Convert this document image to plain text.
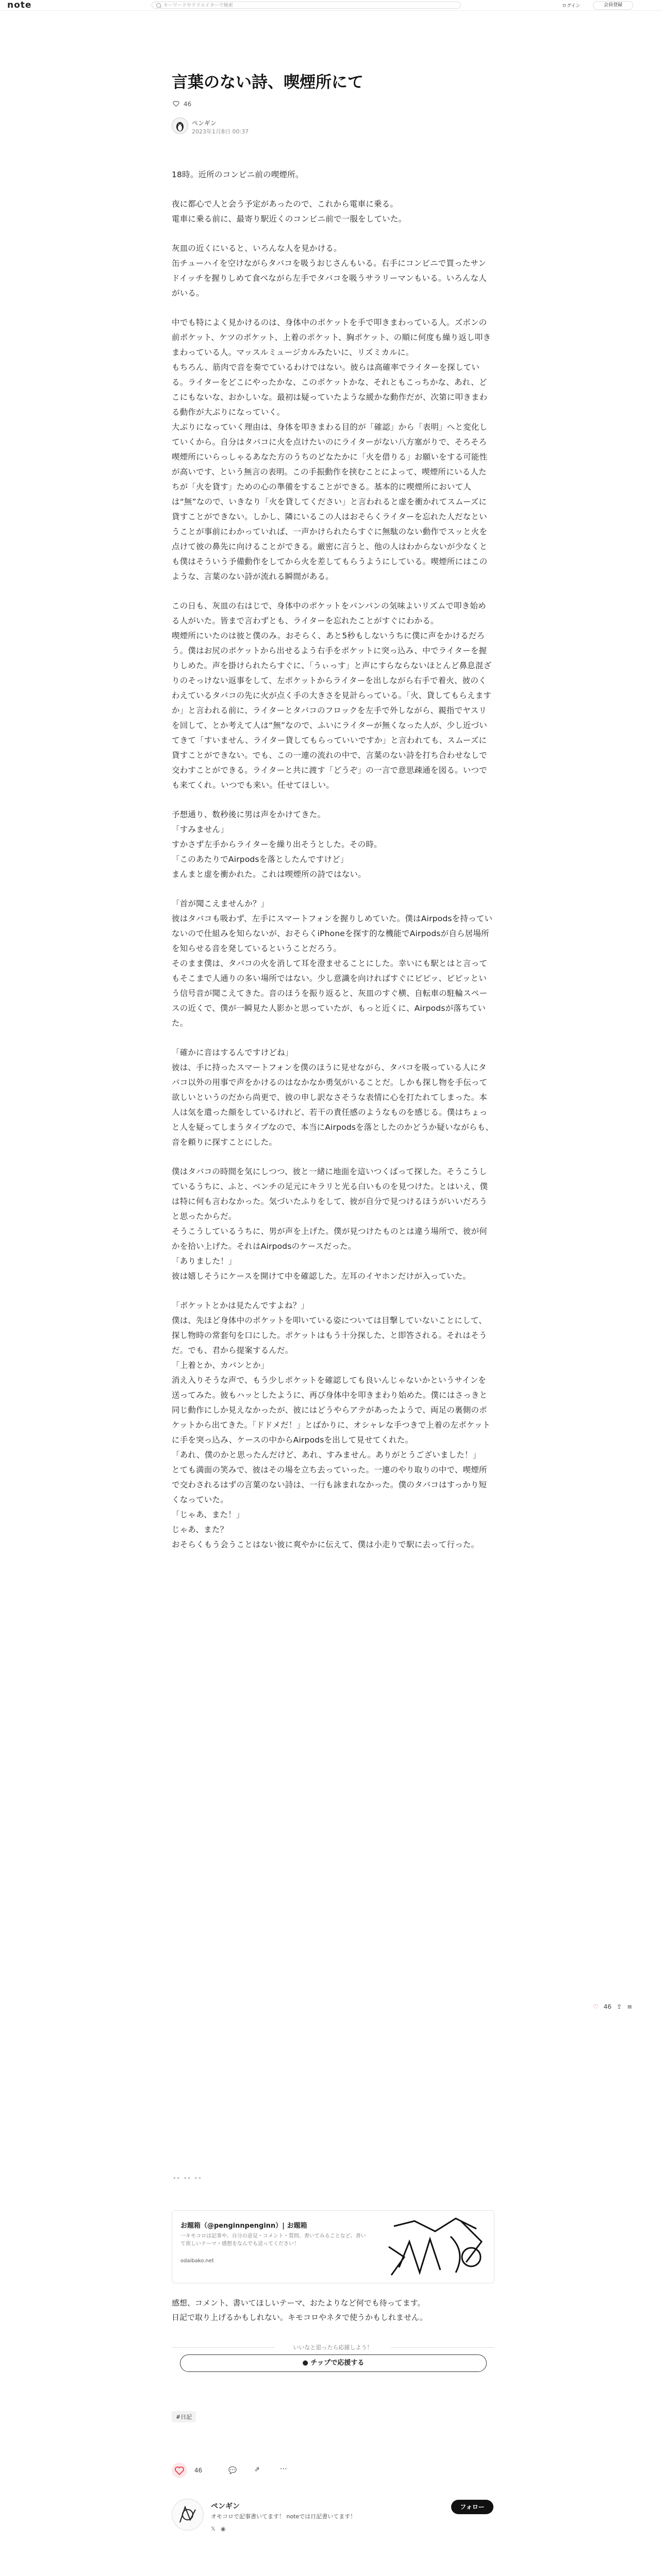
note	キーワードやクリエイターで検索	ログイン	会員登録
言葉のない詩、喫煙所にて
46
ペンギン
2023年1月8日 00:37

18時。近所のコンビニ前の喫煙所。

夜に都心で人と会う予定があったので、これから電車に乗る。
電車に乗る前に、最寄り駅近くのコンビニ前で一服をしていた。

灰皿の近くにいると、いろんな人を見かける。
缶チューハイを空けながらタバコを吸うおじさんもいる。右手にコンビニで買ったサンドイッチを握りしめて食べながら左手でタバコを吸うサラリーマンもいる。いろんな人がいる。

中でも特によく見かけるのは、身体中のポケットを手で叩きまわっている人。ズボンの前ポケット、ケツのポケット、上着のポケット、胸ポケット、の順に何度も繰り返し叩きまわっている人。マッスルミュージカルみたいに、リズミカルに。
もちろん、筋肉で音を奏でているわけではない。彼らは高確率でライターを探している。ライターをどこにやったかな、このポケットかな、それともこっちかな、あれ、どこにもないな、おかしいな。最初は疑っていたような緩かな動作だが、次第に叩きまわる動作が大ぶりになっていく。
大ぶりになっていく理由は、身体を叩きまわる目的が「確認」から「表明」へと変化していくから。自分はタバコに火を点けたいのにライターがない八方塞がりで、そろそろ喫煙所にいらっしゃるあなた方のうちのどなたかに「火を借りる」お願いをする可能性が高いです、という無言の表明。この手振動作を挟むことによって、喫煙所にいる人たちが「火を貸す」ための心の準備をすることができる。基本的に喫煙所において人は“無”なので、いきなり「火を貸してください」と言われると虚を衝かれてスムーズに貸すことができない。しかし、隣にいるこの人はおそらくライターを忘れた人だなということが事前にわかっていれば、一声かけられたらすぐに無駄のない動作でスッと火を点けて彼の鼻先に向けることができる。厳密に言うと、他の人はわからないが少なくとも僕はそういう予備動作をしてから火を差してもらうようにしている。喫煙所にはこのような、言葉のない詩が流れる瞬間がある。

この日も、灰皿の右はじで、身体中のポケットをパンパンの気味よいリズムで叩き始める人がいた。皆まで言わずとも、ライターを忘れたことがすぐにわかる。
喫煙所にいたのは彼と僕のみ。おそらく、あと5秒もしないうちに僕に声をかけるだろう。僕はお尻のポケットから出せるよう右手をポケットに突っ込み、中でライターを握りしめた。声を掛けられたらすぐに、「うぃっす」と声にすらならないほとんど鼻息混ざりのそっけない返事をして、左ポケットからライターを出しながら右手で着火、彼のくわえているタバコの先に火が点く手の大きさを見計らっている。「火、貸してもらえますか」と言われる前に、ライターとタバコのフロックを左手で外しながら、親指でヤスリを回して、とか考えて人は“無”なので、ふいにライターが無くなった人が、少し近づいてきて「すいません、ライター貸してもらっていいですか」と言われても、スムーズに貸すことができない。でも、この一連の流れの中で、言葉のない詩を打ち合わせなしで交わすことができる。ライターと共に渡す「どうぞ」の一言で意思疎通を図る。いつでも来てくれ。いつでも来い。任せてほしい。

予想通り、数秒後に男は声をかけてきた。
「すみません」
すかさず左手からライターを繰り出そうとした。その時。
「このあたりでAirpodsを落としたんですけど」
まんまと虚を衝かれた。これは喫煙所の詩ではない。

「首が聞こえませんか？」
彼はタバコも吸わず、左手にスマートフォンを握りしめていた。僕はAirpodsを持っていないので仕組みを知らないが、おそらくiPhoneを探す的な機能でAirpodsが自ら居場所を知らせる音を発しているということだろう。
そのまま僕は、タバコの火を消して耳を澄ませることにした。幸いにも駅とはと言ってもそこまで人通りの多い場所ではない。少し意識を向ければすぐにピピッ、ピピッという信号音が聞こえてきた。音のほうを振り返ると、灰皿のすぐ横、自転車の駐輪スペースの近くで、僕が一瞬見た人影かと思っていたが、もっと近くに、Airpodsが落ちていた。

「確かに音はするんですけどね」
彼は、手に持ったスマートフォンを僕のほうに見せながら、タバコを吸っている人にタバコ以外の用事で声をかけるのはなかなか勇気がいることだ。しかも探し物を手伝って欲しいというのだから尚更で、彼の申し訳なさそうな表情に心を打たれてしまった。本人は気を遣った顔をしているけれど、若干の責任感のようなものを感じる。僕はちょっと人を疑ってしまうタイプなので、本当にAirpodsを落としたのかどうか疑いながらも、音を頼りに探すことにした。

僕はタバコの時間を気にしつつ、彼と一緒に地面を這いつくばって探した。そうこうしているうちに、ふと、ベンチの足元にキラリと光る白いものを見つけた。とはいえ、僕は特に何も言わなかった。気づいたふりをして、彼が自分で見つけるほうがいいだろうと思ったからだ。
そうこうしているうちに、男が声を上げた。僕が見つけたものとは違う場所で、彼が何かを拾い上げた。それはAirpodsのケースだった。
「ありました！」
彼は嬉しそうにケースを開けて中を確認した。左耳のイヤホンだけが入っていた。

「ポケットとかは見たんですよね？」
僕は、先ほど身体中のポケットを叩いている姿については目撃していないことにして、探し物時の常套句を口にした。ポケットはもう十分探した、と即答される。それはそうだ。でも、君から提案するんだ。
「上着とか、カバンとか」
消え入りそうな声で、もう少しポケットを確認しても良いんじゃないかというサインを送ってみた。彼もハッとしたように、再び身体中を叩きまわり始めた。僕にはさっきと同じ動作にしか見えなかったが、彼にはどうやらアテがあったようで、両足の裏側のポケットから出てきた。「ドドメだ！」とばかりに、オシャレな手つきで上着の左ポケットに手を突っ込み、ケースの中からAirpodsを出して見せてくれた。
「あれ、僕のかと思ったんだけど、あれ、すみません。ありがとうございました！」
とても満面の笑みで、彼はその場を立ち去っていった。一連のやり取りの中で、喫煙所で交わされるはずの言葉のない詩は、一行も詠まれなかった。僕のタバコはすっかり短くなっていた。
「じゃあ、また！」
じゃあ、また？
おそらくもう会うことはない彼に爽やかに伝えて、僕は小走りで駅に去って行った。

♡ 46 ⇪ ≡
** ** **
お題箱（@penginnpenginn）| お題箱
一キモコロは記事や、自分の意見・コメント・質問、書いてみることなど、書いて欲しいテーマ・感想をなんでも送ってください！
odaibako.net
感想、コメント、書いてほしいテーマ、おたよりなど何でも待ってます。
日記で取り上げるかもしれない。キモコロやネタで使うかもしれません。
いいなと思ったら応援しよう！
● チップで応援する
#日記
46	💬	⇗	⋯
ペンギン
オモコロで記事書いてます！ noteでは日記書いてます！
フォロー
𝕏◉
